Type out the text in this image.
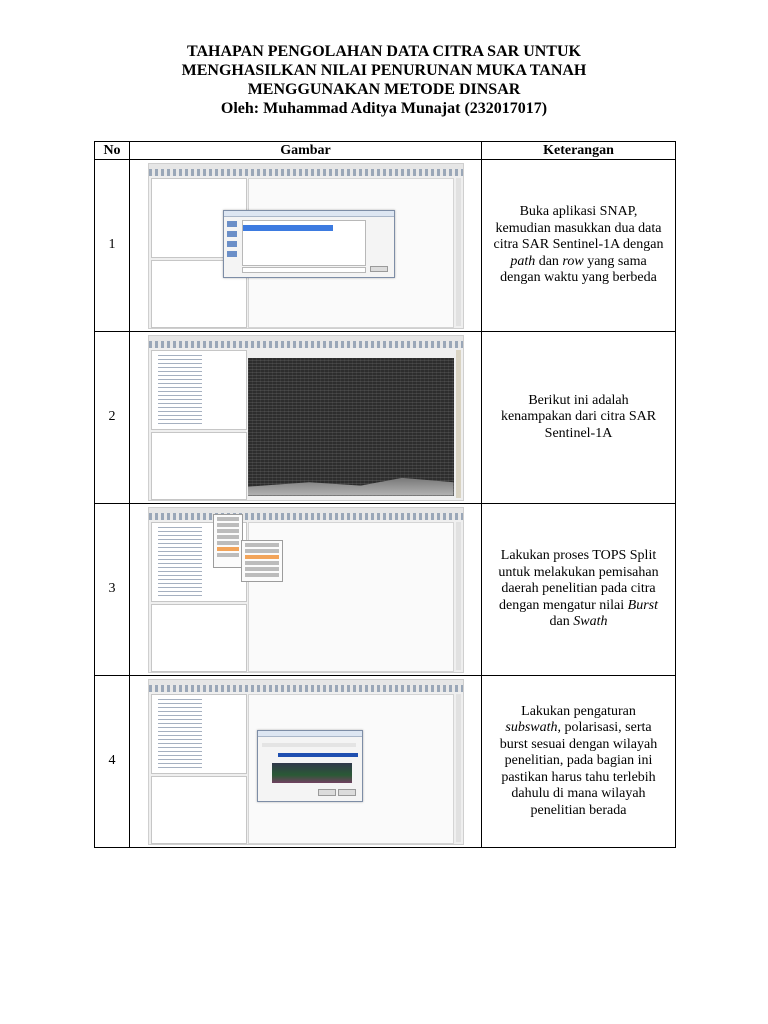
TAHAPAN PENGOLAHAN DATA CITRA SAR UNTUK
MENGHASILKAN NILAI PENURUNAN MUKA TANAH
MENGGUNAKAN METODE DINSAR
Oleh: Muhammad Aditya Munajat (232017017)
No	Gambar	Keterangan
1		Buka aplikasi SNAP, kemudian masukkan dua data citra SAR Sentinel-1A dengan path dan row yang sama dengan waktu yang berbeda
2		Berikut ini adalah kenampakan dari citra SAR Sentinel-1A
3		Lakukan proses TOPS Split untuk melakukan pemisahan daerah penelitian pada citra dengan mengatur nilai Burst dan Swath
4		Lakukan pengaturan subswath, polarisasi, serta burst sesuai dengan wilayah penelitian, pada bagian ini pastikan harus tahu terlebih dahulu di mana wilayah penelitian berada
